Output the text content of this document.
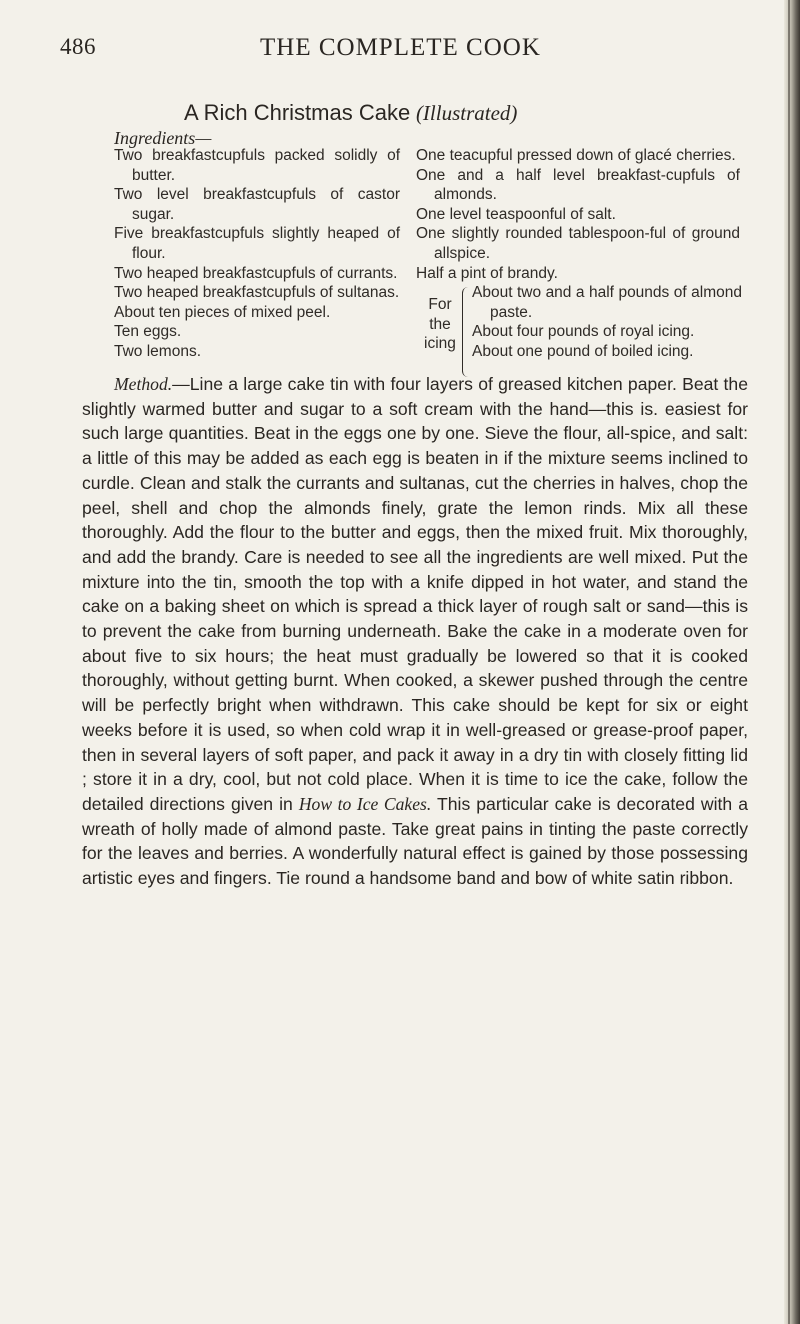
486	THE COMPLETE COOK
A Rich Christmas Cake (Illustrated)
Ingredients—
Two breakfastcupfuls packed solidly of butter.
Two level breakfastcupfuls of castor sugar.
Five breakfastcupfuls slightly heaped of flour.
Two heaped breakfastcupfuls of currants.
Two heaped breakfastcupfuls of sultanas.
About ten pieces of mixed peel.
Ten eggs.
Two lemons.
One teacupful pressed down of glacé cherries.
One and a half level breakfast-cupfuls of almonds.
One level teaspoonful of salt.
One slightly rounded tablespoon-ful of ground allspice.
Half a pint of brandy.
For
the
icing
About two and a half pounds of almond paste.
About four pounds of royal icing.
About one pound of boiled icing.
Method.—Line a large cake tin with four layers of greased kitchen paper. Beat the slightly warmed butter and sugar to a soft cream with the hand—this is. easiest for such large quantities. Beat in the eggs one by one. Sieve the flour, all-spice, and salt: a little of this may be added as each egg is beaten in if the mixture seems inclined to curdle. Clean and stalk the currants and sultanas, cut the cherries in halves, chop the peel, shell and chop the almonds finely, grate the lemon rinds. Mix all these thoroughly. Add the flour to the butter and eggs, then the mixed fruit. Mix thoroughly, and add the brandy. Care is needed to see all the ingredients are well mixed. Put the mixture into the tin, smooth the top with a knife dipped in hot water, and stand the cake on a baking sheet on which is spread a thick layer of rough salt or sand—this is to prevent the cake from burning underneath. Bake the cake in a moderate oven for about five to six hours; the heat must gradually be lowered so that it is cooked thoroughly, without getting burnt. When cooked, a skewer pushed through the centre will be perfectly bright when withdrawn. This cake should be kept for six or eight weeks before it is used, so when cold wrap it in well-greased or grease-proof paper, then in several layers of soft paper, and pack it away in a dry tin with closely fitting lid ; store it in a dry, cool, but not cold place. When it is time to ice the cake, follow the detailed directions given in How to Ice Cakes. This particular cake is decorated with a wreath of holly made of almond paste. Take great pains in tinting the paste correctly for the leaves and berries. A wonderfully natural effect is gained by those possessing artistic eyes and fingers. Tie round a handsome band and bow of white satin ribbon.
